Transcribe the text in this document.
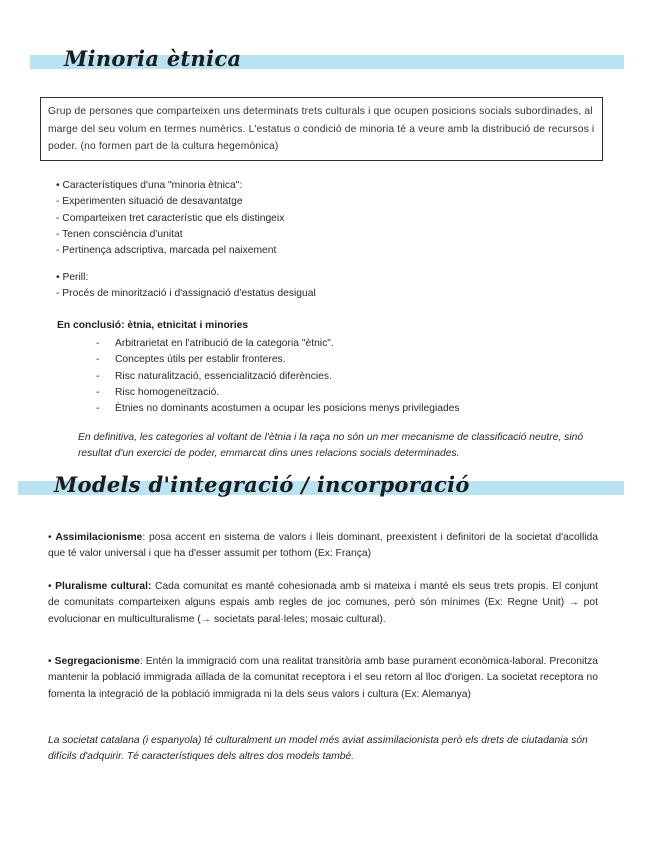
Minoria ètnica
Grup de persones que comparteixen uns determinats trets culturals i que ocupen posicions socials subordinades, al marge del seu volum en termes numèrics. L'estatus o condició de minoria té a veure amb la distribució de recursos i poder. (no formen part de la cultura hegemònica)
• Característiques d'una "minoria ètnica":
- Experimenten situació de desavantatge
- Comparteixen tret característic que els distingeix
- Tenen consciència d'unitat
- Pertinença adscriptiva, marcada pel naixement
• Perill:
- Procés de minorització i d'assignació d'estatus desigual
En conclusió: ètnia, etnicitat i minories
- Arbitrarietat en l'atribució de la categoria "ètnic".
- Conceptes útils per establir fronteres.
- Risc naturalització, essencialització diferències.
- Risc homogeneïtzació.
- Ètnies no dominants acostumen a ocupar les posicions menys privilegiades
En definitiva, les categories al voltant de l'ètnia i la raça no són un mer mecanisme de classificació neutre, sinó resultat d'un exercici de poder, emmarcat dins unes relacions socials determinades.
Models d'integració / incorporació
• Assimilacionisme: posa accent en sistema de valors i lleis dominant, preexistent i definitori de la societat d'acollida que té valor universal i que ha d'esser assumit per tothom (Ex: França)
• Pluralisme cultural: Cada comunitat es manté cohesionada amb si mateixa i manté els seus trets propis. El conjunt de comunitats comparteixen alguns espais amb regles de joc comunes, però són mínimes (Ex: Regne Unit) → pot evolucionar en multiculturalisme (→ societats paral·leles; mosaic cultural).
• Segregacionisme: Entén la immigració com una realitat transitòria amb base purament econòmica-laboral. Preconitza mantenir la població immigrada aïllada de la comunitat receptora i el seu retorn al lloc d'origen. La societat receptora no fomenta la integració de la població immigrada ni la dels seus valors i cultura (Ex: Alemanya)
La societat catalana (i espanyola) té culturalment un model més aviat assimilacionista però els drets de ciutadania són difícils d'adquirir. Té característiques dels altres dos models també.
